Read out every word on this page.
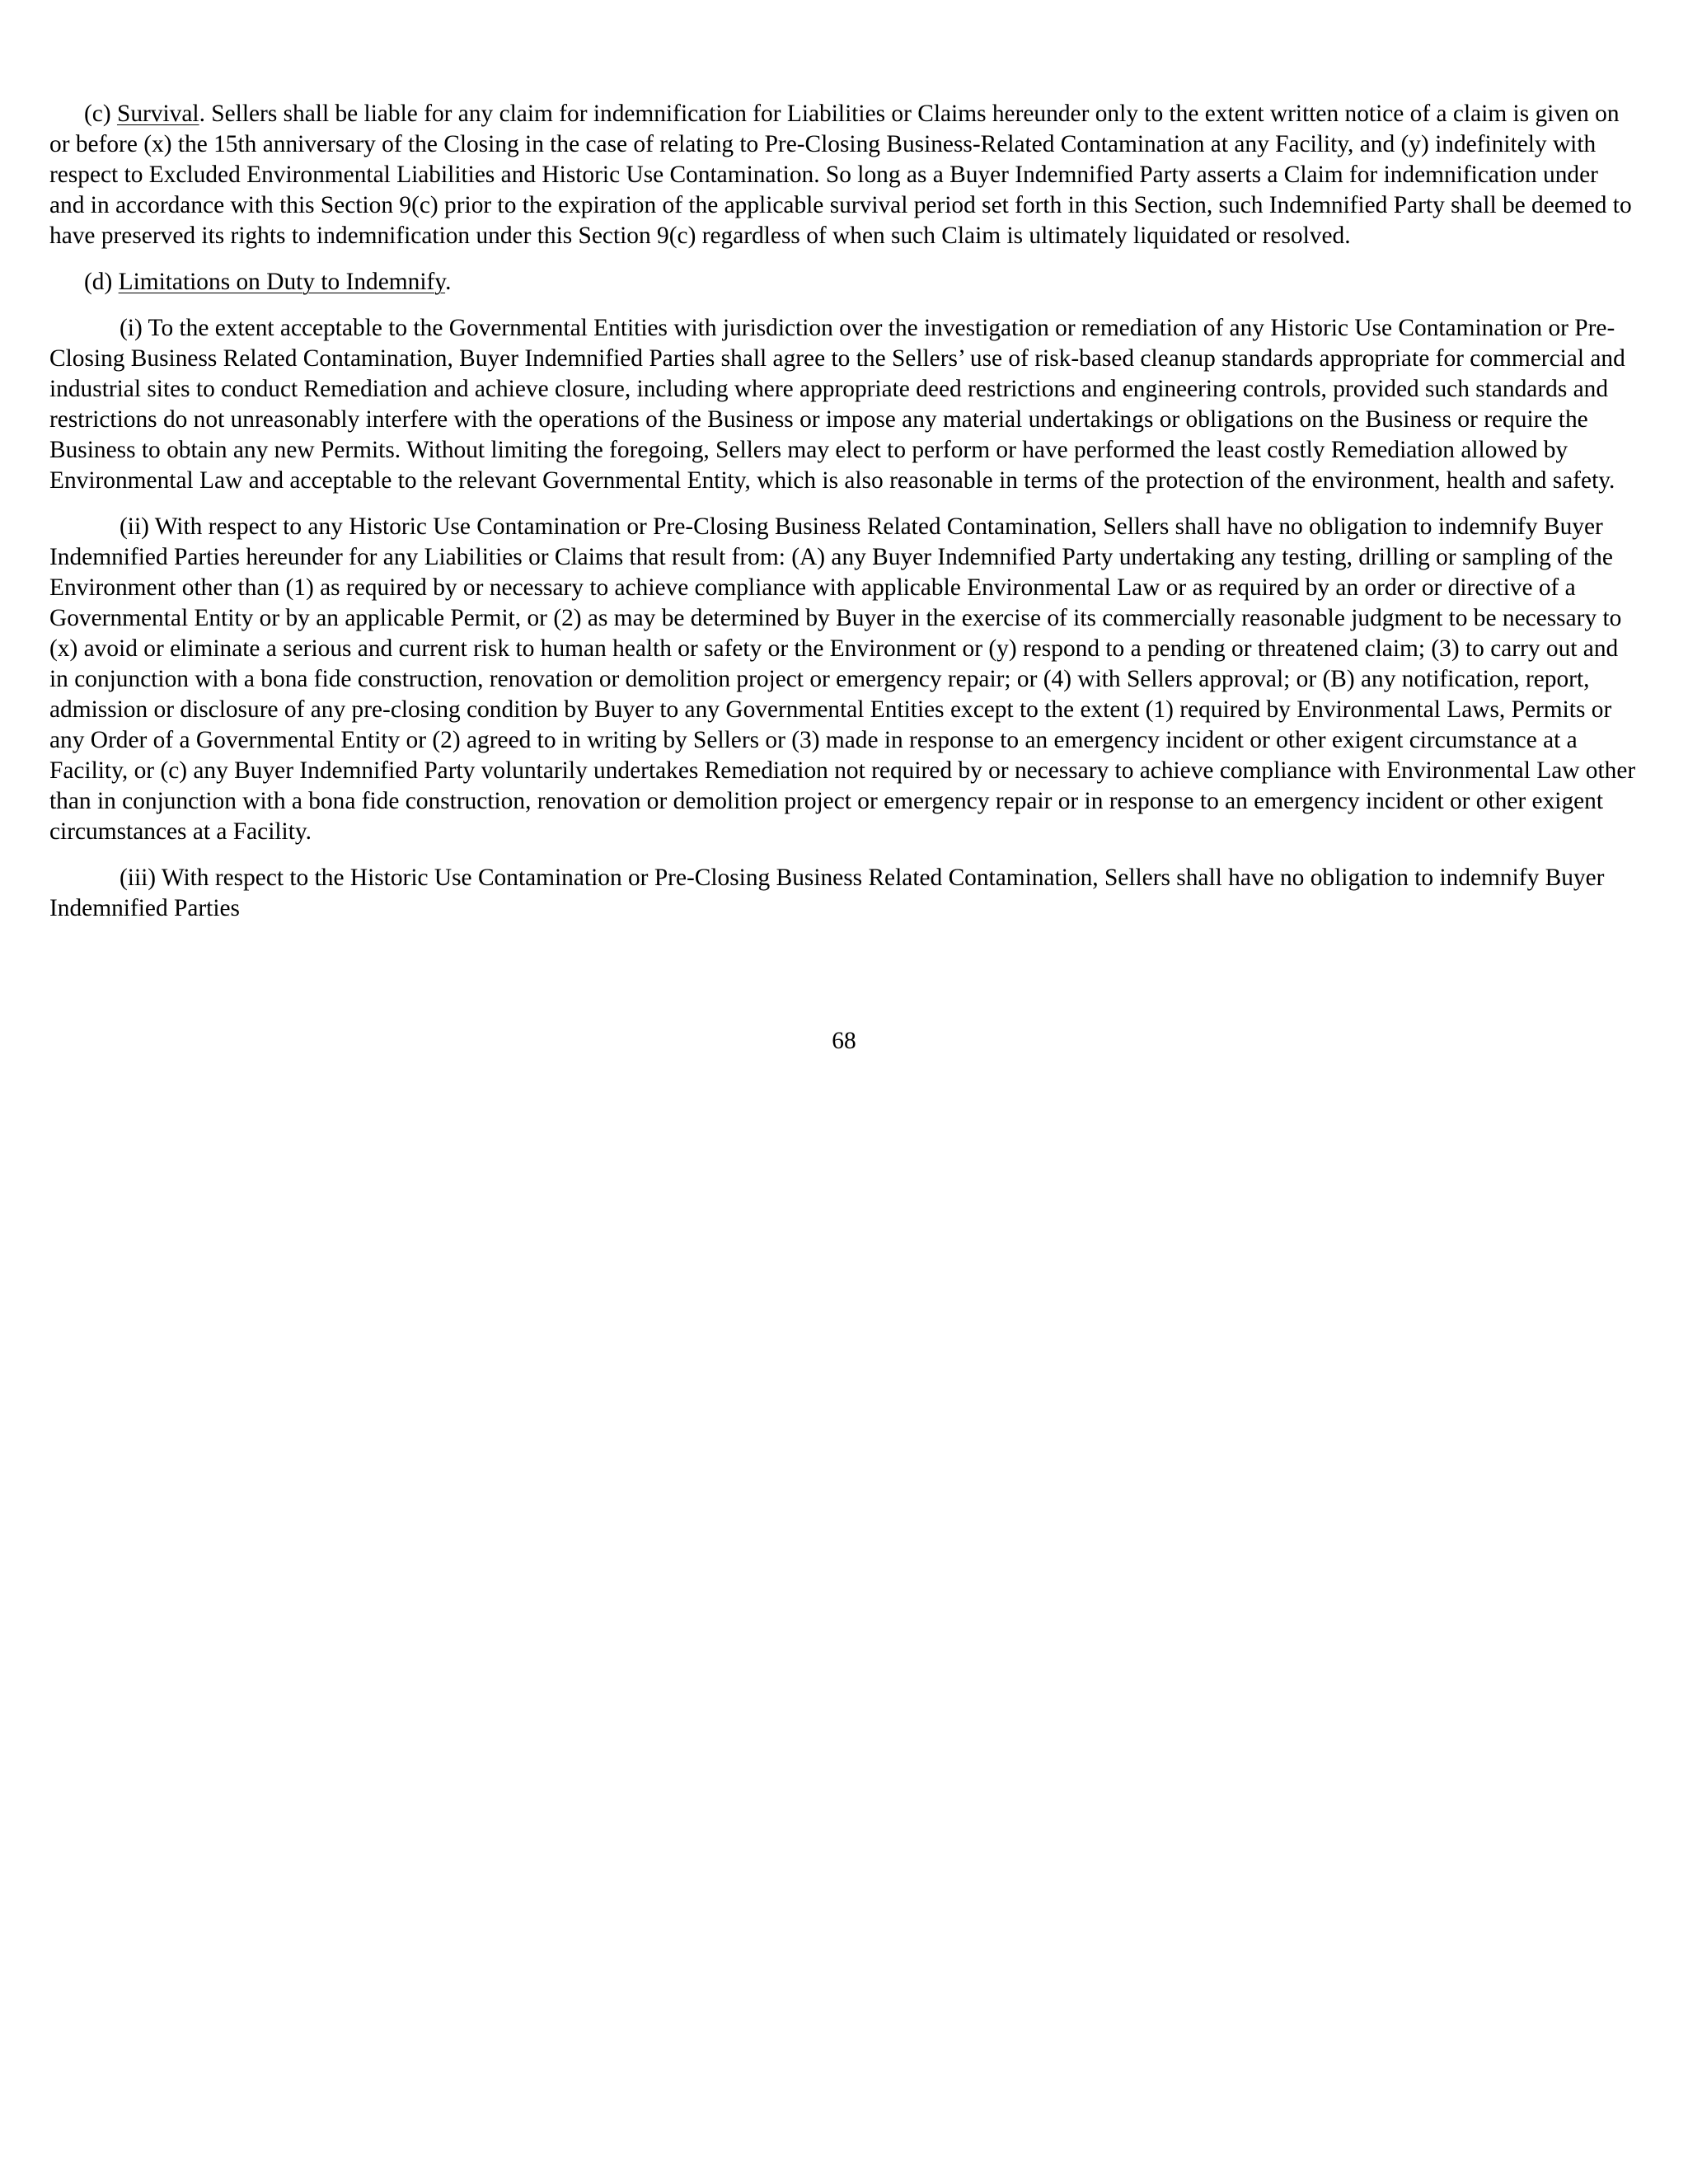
(c) Survival. Sellers shall be liable for any claim for indemnification for Liabilities or Claims hereunder only to the extent written notice of a claim is given on or before (x) the 15th anniversary of the Closing in the case of relating to Pre-Closing Business-Related Contamination at any Facility, and (y) indefinitely with respect to Excluded Environmental Liabilities and Historic Use Contamination. So long as a Buyer Indemnified Party asserts a Claim for indemnification under and in accordance with this Section 9(c) prior to the expiration of the applicable survival period set forth in this Section, such Indemnified Party shall be deemed to have preserved its rights to indemnification under this Section 9(c) regardless of when such Claim is ultimately liquidated or resolved.

(d) Limitations on Duty to Indemnify.

(i) To the extent acceptable to the Governmental Entities with jurisdiction over the investigation or remediation of any Historic Use Contamination or Pre-Closing Business Related Contamination, Buyer Indemnified Parties shall agree to the Sellers’ use of risk-based cleanup standards appropriate for commercial and industrial sites to conduct Remediation and achieve closure, including where appropriate deed restrictions and engineering controls, provided such standards and restrictions do not unreasonably interfere with the operations of the Business or impose any material undertakings or obligations on the Business or require the Business to obtain any new Permits. Without limiting the foregoing, Sellers may elect to perform or have performed the least costly Remediation allowed by Environmental Law and acceptable to the relevant Governmental Entity, which is also reasonable in terms of the protection of the environment, health and safety.

(ii) With respect to any Historic Use Contamination or Pre-Closing Business Related Contamination, Sellers shall have no obligation to indemnify Buyer Indemnified Parties hereunder for any Liabilities or Claims that result from: (A) any Buyer Indemnified Party undertaking any testing, drilling or sampling of the Environment other than (1) as required by or necessary to achieve compliance with applicable Environmental Law or as required by an order or directive of a Governmental Entity or by an applicable Permit, or (2) as may be determined by Buyer in the exercise of its commercially reasonable judgment to be necessary to (x) avoid or eliminate a serious and current risk to human health or safety or the Environment or (y) respond to a pending or threatened claim; (3) to carry out and in conjunction with a bona fide construction, renovation or demolition project or emergency repair; or (4) with Sellers approval; or (B) any notification, report, admission or disclosure of any pre-closing condition by Buyer to any Governmental Entities except to the extent (1) required by Environmental Laws, Permits or any Order of a Governmental Entity or (2) agreed to in writing by Sellers or (3) made in response to an emergency incident or other exigent circumstance at a Facility, or (c) any Buyer Indemnified Party voluntarily undertakes Remediation not required by or necessary to achieve compliance with Environmental Law other than in conjunction with a bona fide construction, renovation or demolition project or emergency repair or in response to an emergency incident or other exigent circumstances at a Facility.

(iii) With respect to the Historic Use Contamination or Pre-Closing Business Related Contamination, Sellers shall have no obligation to indemnify Buyer Indemnified Parties

68
